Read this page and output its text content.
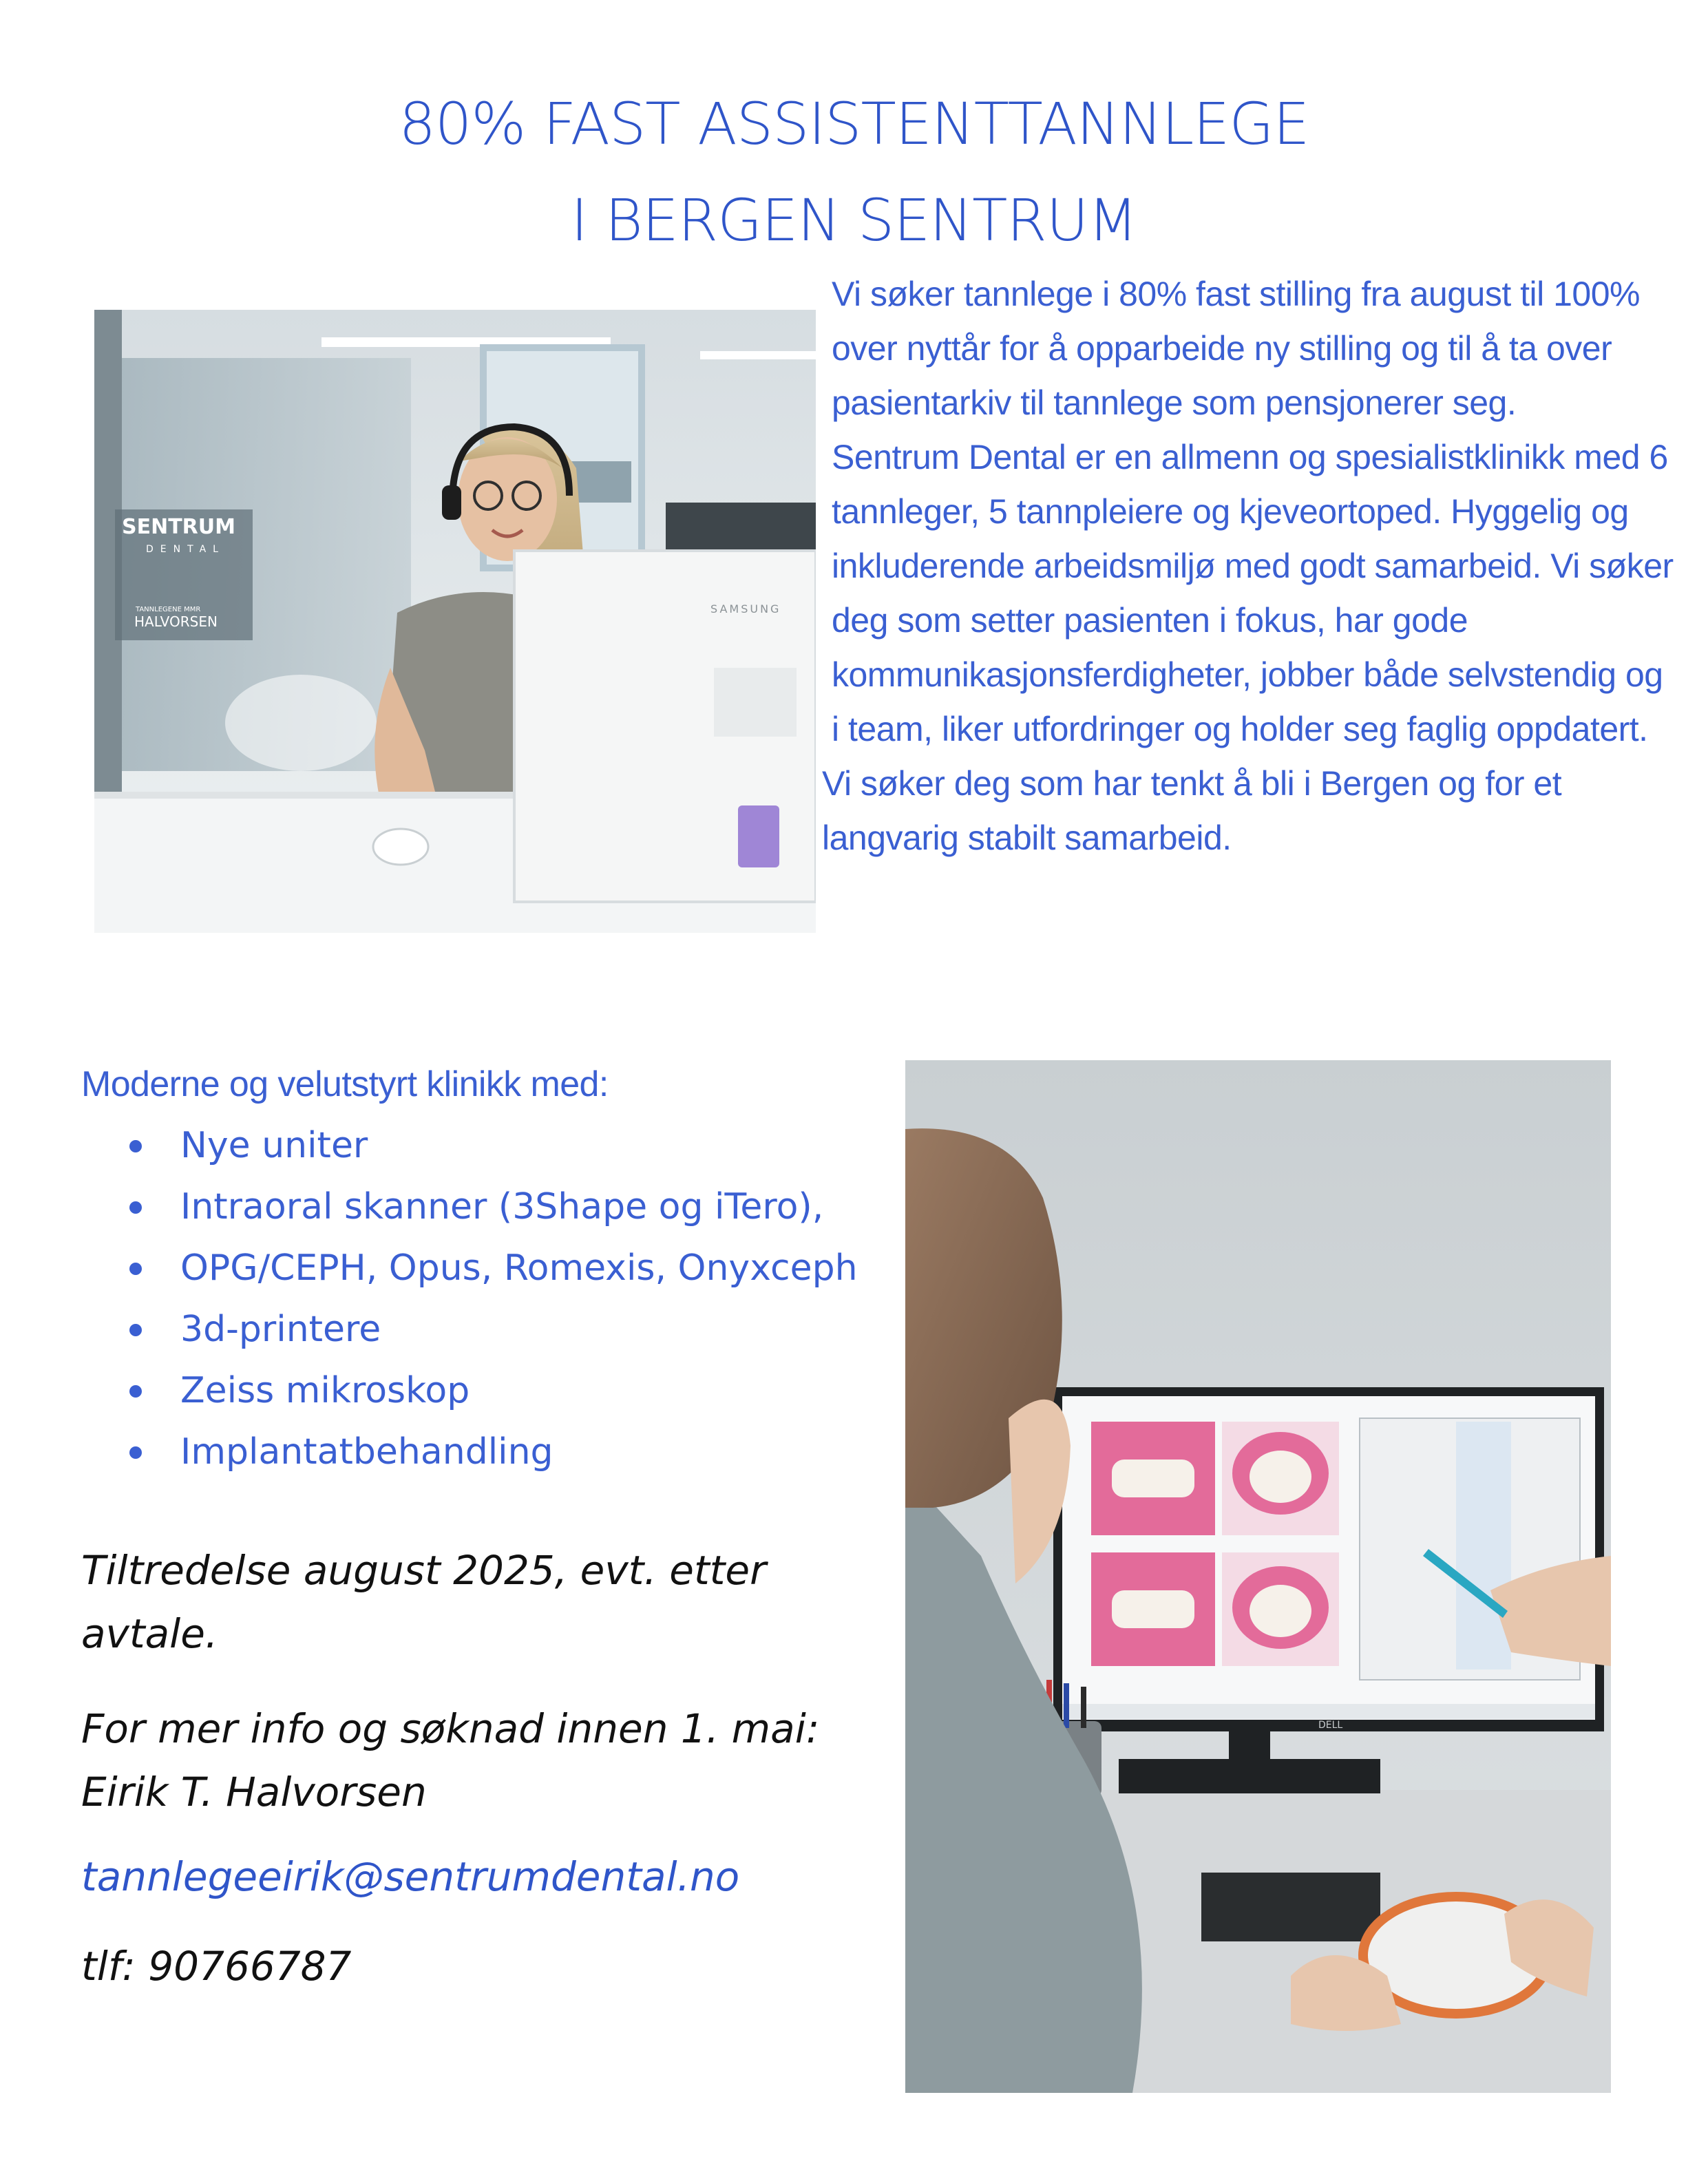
80% FAST ASSISTENTTANNLEGE
I BERGEN SENTRUM

Vi søker tannlege i 80% fast stilling fra august til 100% over nyttår for å opparbeide ny stilling og til å ta over pasientarkiv til tannlege som pensjonerer seg.

Sentrum Dental er en allmenn og spesialistklinikk med 6 tannleger, 5 tannpleiere og kjeveortoped. Hyggelig og inkluderende arbeidsmiljø med godt samarbeid. Vi søker deg som setter pasienten i fokus, har gode kommunikasjonsferdigheter, jobber både selvstendig og i team, liker utfordringer og holder seg faglig oppdatert.

Vi søker deg som har tenkt å bli i Bergen og for et langvarig stabilt samarbeid.

SENTRUM
DENTAL
TANNLEGENE MMR
HALVORSEN
SAMSUNG
Moderne og velutstyrt klinikk med:
Nye uniter
Intraoral skanner (3Shape og iTero),
OPG/CEPH, Opus, Romexis, Onyxceph
3d-printere
Zeiss mikroskop
Implantatbehandling
DELL
Tiltredelse august 2025, evt. etter avtale.
For mer info og søknad innen 1. mai:
Eirik T. Halvorsen
tannlegeeirik@sentrumdental.no
tlf: 90766787
